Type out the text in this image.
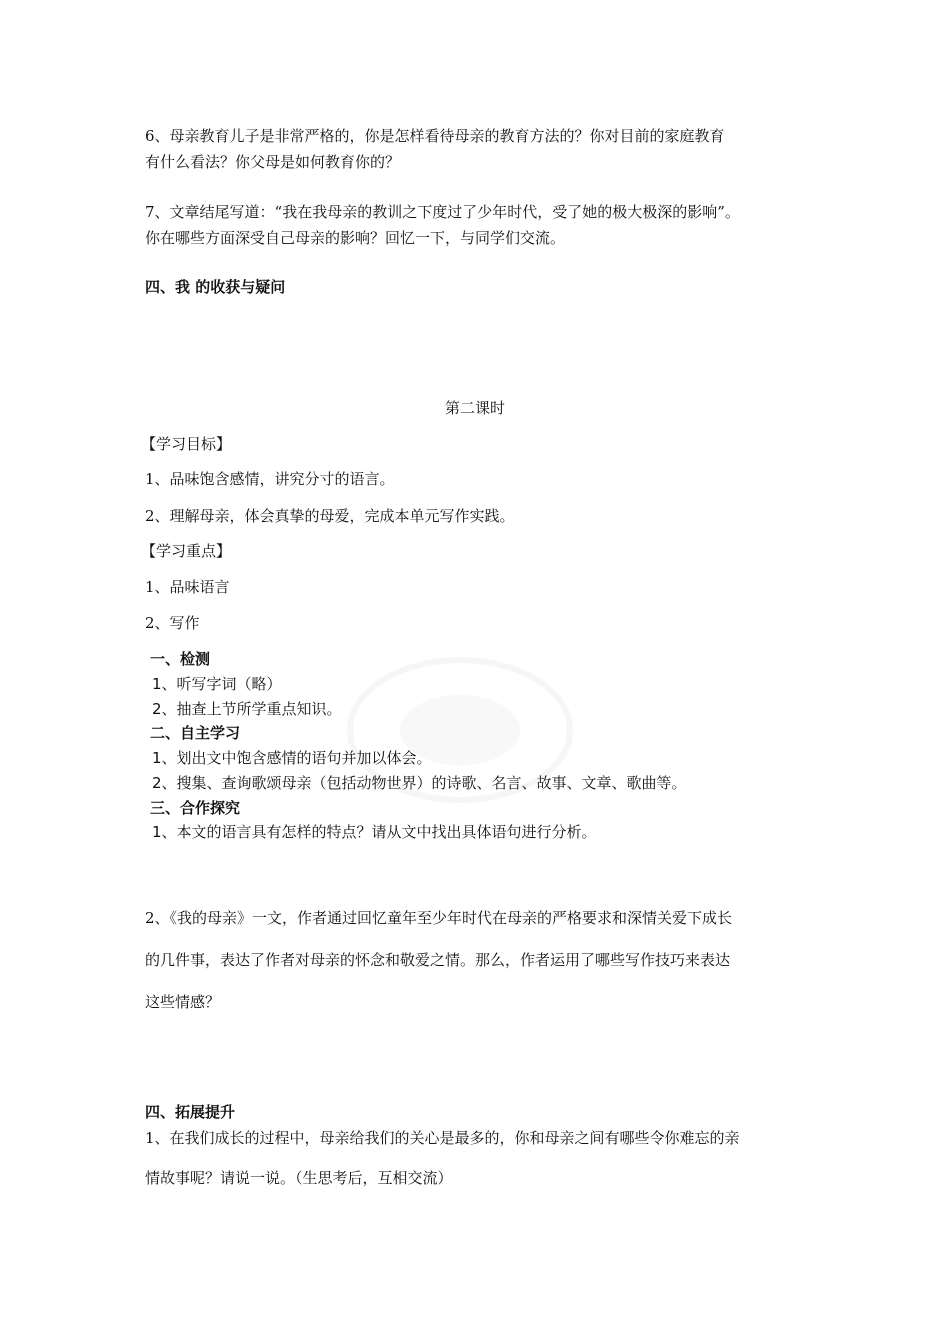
6、母亲教育儿子是非常严格的，你是怎样看待母亲的教育方法的？你对目前的家庭教育

有什么看法？你父母是如何教育你的？

7、文章结尾写道：“我在我母亲的教训之下度过了少年时代，受了她的极大极深的影响”。

你在哪些方面深受自己母亲的影响？回忆一下，与同学们交流。

四、我 的收获与疑问

第二课时

【学习目标】

1、品味饱含感情，讲究分寸的语言。

2、理解母亲，体会真挚的母爱，完成本单元写作实践。

【学习重点】

1、品味语言

2、写作

一、检测

1、听写字词（略）

2、抽查上节所学重点知识。

二、自主学习

1、划出文中饱含感情的语句并加以体会。

2、搜集、查询歌颂母亲（包括动物世界）的诗歌、名言、故事、文章、歌曲等。

三、合作探究

1、本文的语言具有怎样的特点？请从文中找出具体语句进行分析。

2、《我的母亲》一文，作者通过回忆童年至少年时代在母亲的严格要求和深情关爱下成长

的几件事，表达了作者对母亲的怀念和敬爱之情。那么，作者运用了哪些写作技巧来表达

这些情感？

四、拓展提升

1、在我们成长的过程中，母亲给我们的关心是最多的，你和母亲之间有哪些令你难忘的亲

情故事呢？请说一说。（生思考后，互相交流）
